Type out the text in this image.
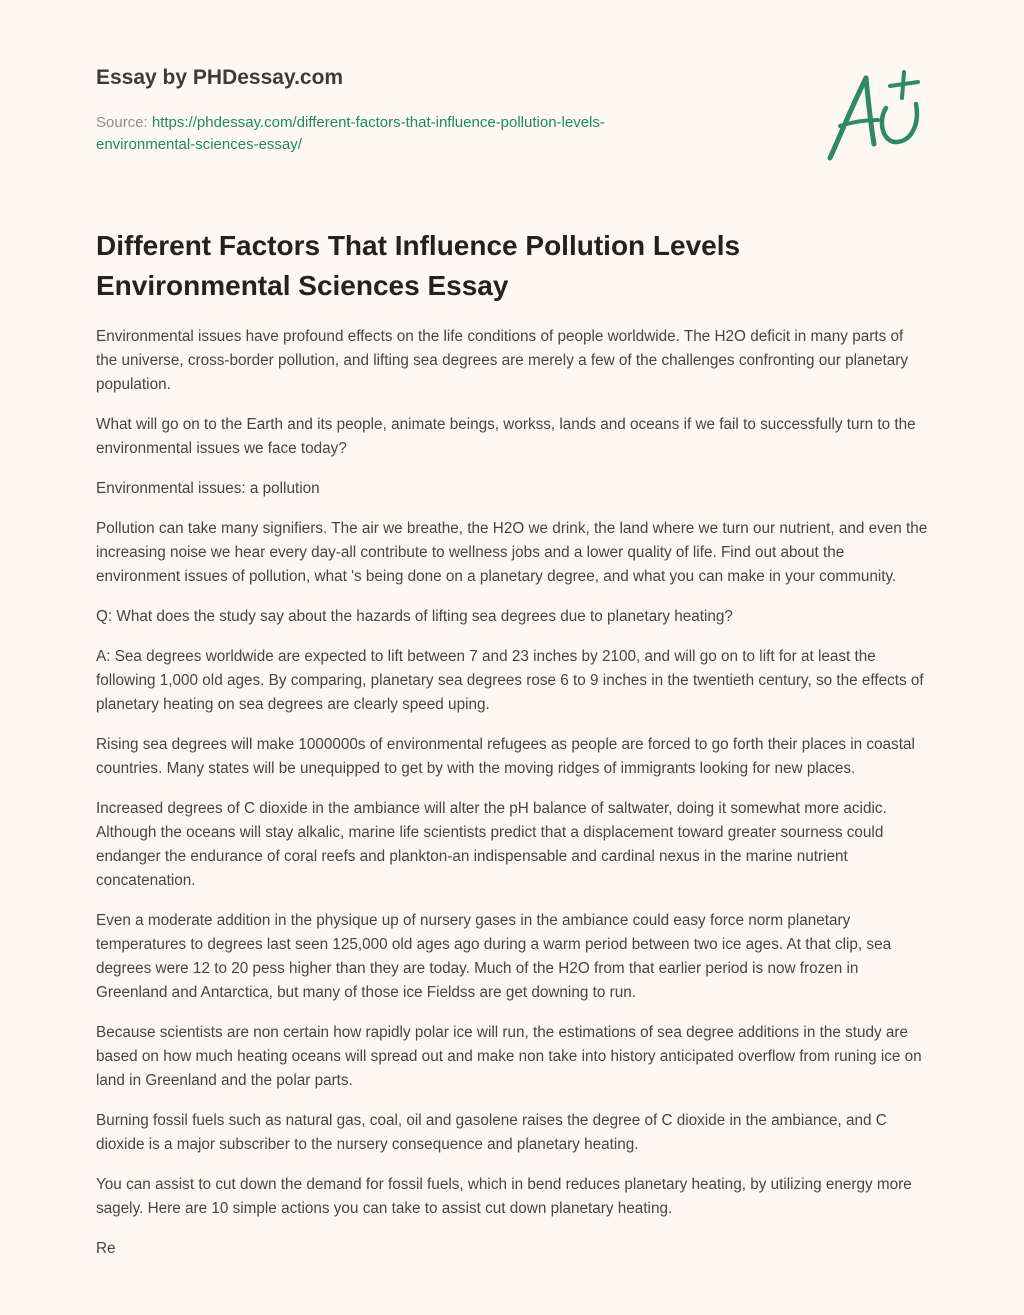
Essay by PHDessay.com
Source: https://phdessay.com/different-factors-that-influence-pollution-levels-environmental-sciences-essay/
Different Factors That Influence Pollution Levels Environmental Sciences Essay

Environmental issues have profound effects on the life conditions of people worldwide. The H2O deficit in many parts of the universe, cross-border pollution, and lifting sea degrees are merely a few of the challenges confronting our planetary population.

What will go on to the Earth and its people, animate beings, workss, lands and oceans if we fail to successfully turn to the environmental issues we face today?

Environmental issues: a pollution

Pollution can take many signifiers. The air we breathe, the H2O we drink, the land where we turn our nutrient, and even the increasing noise we hear every day-all contribute to wellness jobs and a lower quality of life. Find out about the environment issues of pollution, what 's being done on a planetary degree, and what you can make in your community.

Q: What does the study say about the hazards of lifting sea degrees due to planetary heating?

A: Sea degrees worldwide are expected to lift between 7 and 23 inches by 2100, and will go on to lift for at least the following 1,000 old ages. By comparing, planetary sea degrees rose 6 to 9 inches in the twentieth century, so the effects of planetary heating on sea degrees are clearly speed uping.

Rising sea degrees will make 1000000s of environmental refugees as people are forced to go forth their places in coastal countries. Many states will be unequipped to get by with the moving ridges of immigrants looking for new places.

Increased degrees of C dioxide in the ambiance will alter the pH balance of saltwater, doing it somewhat more acidic. Although the oceans will stay alkalic, marine life scientists predict that a displacement toward greater sourness could endanger the endurance of coral reefs and plankton-an indispensable and cardinal nexus in the marine nutrient concatenation.

Even a moderate addition in the physique up of nursery gases in the ambiance could easy force norm planetary temperatures to degrees last seen 125,000 old ages ago during a warm period between two ice ages. At that clip, sea degrees were 12 to 20 pess higher than they are today. Much of the H2O from that earlier period is now frozen in Greenland and Antarctica, but many of those ice Fieldss are get downing to run.

Because scientists are non certain how rapidly polar ice will run, the estimations of sea degree additions in the study are based on how much heating oceans will spread out and make non take into history anticipated overflow from runing ice on land in Greenland and the polar parts.

Burning fossil fuels such as natural gas, coal, oil and gasolene raises the degree of C dioxide in the ambiance, and C dioxide is a major subscriber to the nursery consequence and planetary heating.

You can assist to cut down the demand for fossil fuels, which in bend reduces planetary heating, by utilizing energy more sagely. Here are 10 simple actions you can take to assist cut down planetary heating.

Re
